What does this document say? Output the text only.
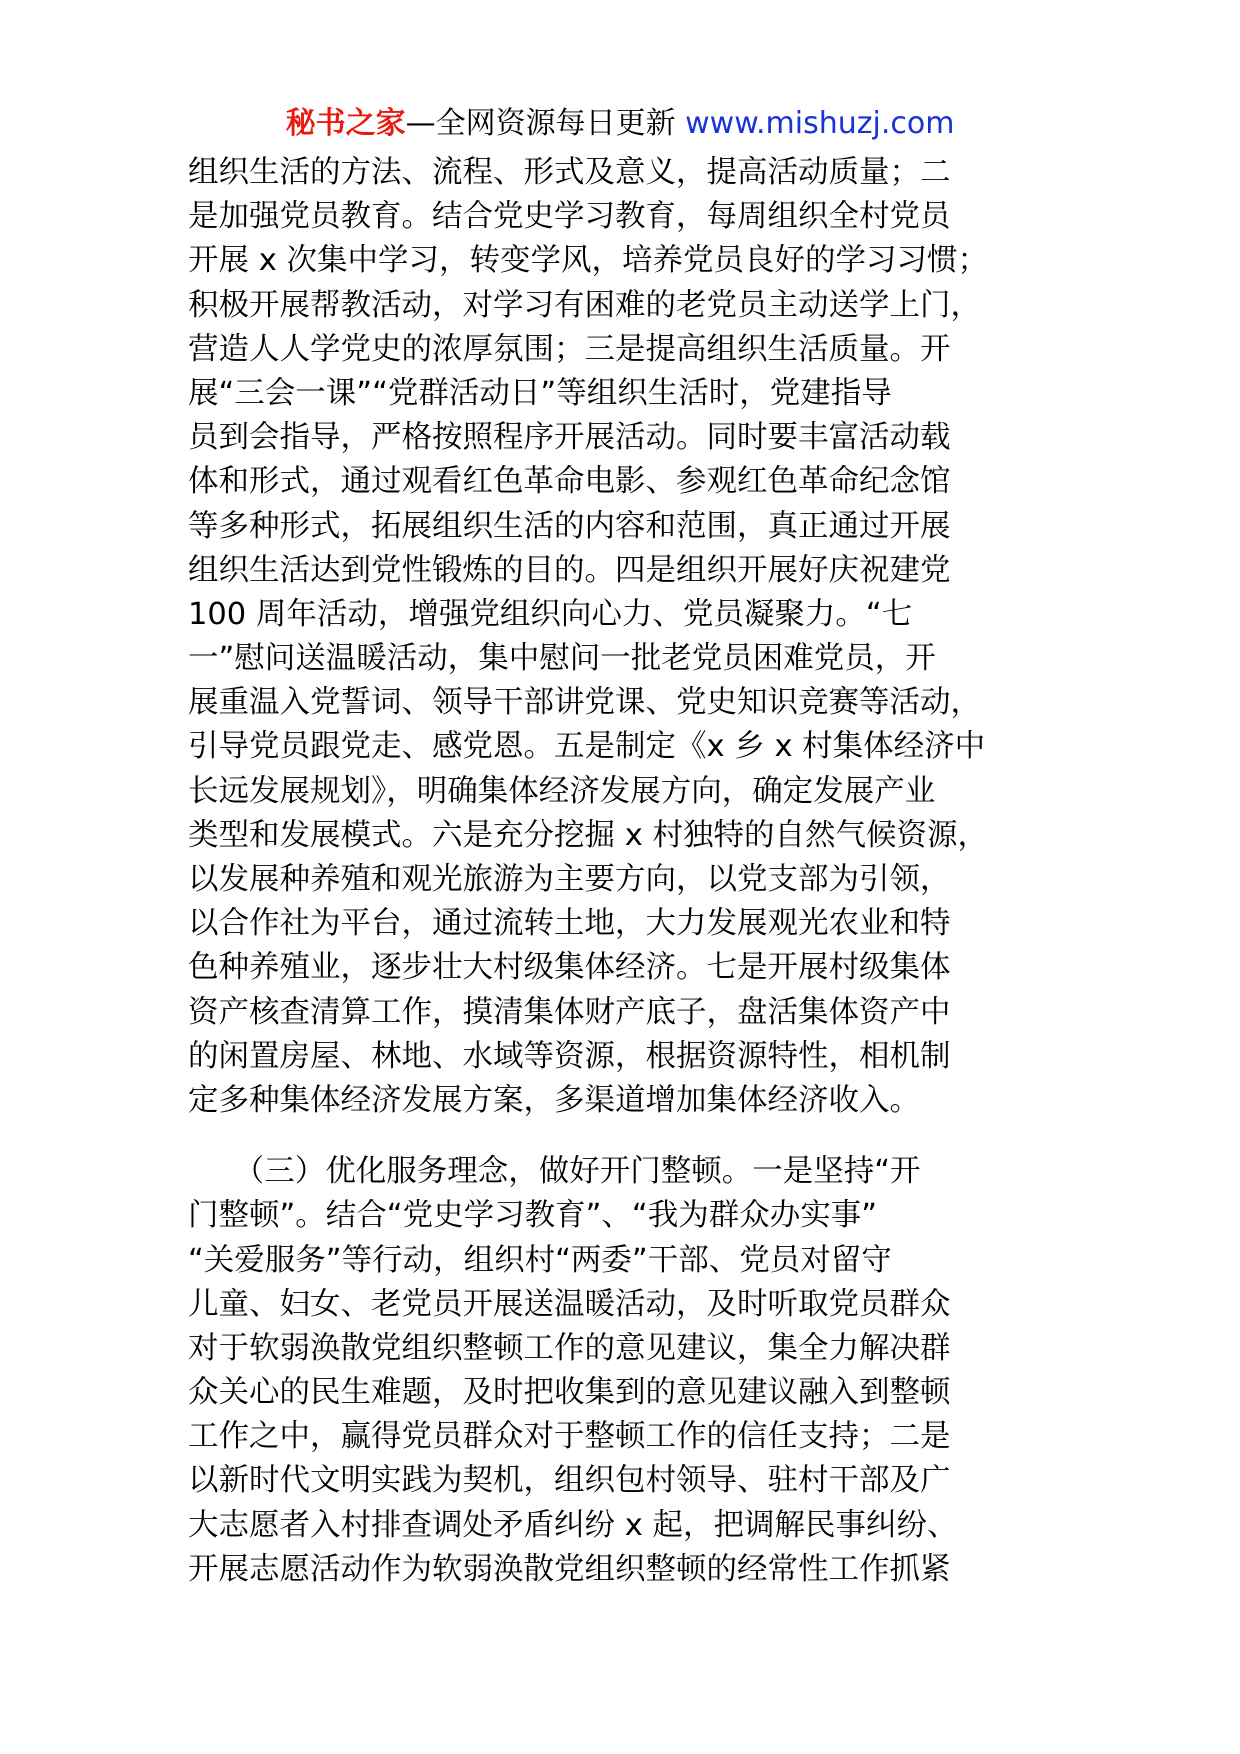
秘书之家—全网资源每日更新 www.mishuzj.com
组织生活的方法、流程、形式及意义，提高活动质量；二
是加强党员教育。结合党史学习教育，每周组织全村党员
开展 x 次集中学习，转变学风，培养党员良好的学习习惯；
积极开展帮教活动，对学习有困难的老党员主动送学上门，
营造人人学党史的浓厚氛围；三是提高组织生活质量。开
展“三会一课”“党群活动日”等组织生活时，党建指导
员到会指导，严格按照程序开展活动。同时要丰富活动载
体和形式，通过观看红色革命电影、参观红色革命纪念馆
等多种形式，拓展组织生活的内容和范围，真正通过开展
组织生活达到党性锻炼的目的。四是组织开展好庆祝建党
100 周年活动，增强党组织向心力、党员凝聚力。“七
一”慰问送温暖活动，集中慰问一批老党员困难党员，开
展重温入党誓词、领导干部讲党课、党史知识竞赛等活动，
引导党员跟党走、感党恩。五是制定《x 乡 x 村集体经济中
长远发展规划》，明确集体经济发展方向，确定发展产业
类型和发展模式。六是充分挖掘 x 村独特的自然气候资源，
以发展种养殖和观光旅游为主要方向，以党支部为引领，
以合作社为平台，通过流转土地，大力发展观光农业和特
色种养殖业，逐步壮大村级集体经济。七是开展村级集体
资产核查清算工作，摸清集体财产底子，盘活集体资产中
的闲置房屋、林地、水域等资源，根据资源特性，相机制
定多种集体经济发展方案，多渠道增加集体经济收入。
　　（三）优化服务理念，做好开门整顿。一是坚持“开
门整顿”。结合“党史学习教育”、“我为群众办实事”
“关爱服务”等行动，组织村“两委”干部、党员对留守
儿童、妇女、老党员开展送温暖活动，及时听取党员群众
对于软弱涣散党组织整顿工作的意见建议，集全力解决群
众关心的民生难题，及时把收集到的意见建议融入到整顿
工作之中，赢得党员群众对于整顿工作的信任支持；二是
以新时代文明实践为契机，组织包村领导、驻村干部及广
大志愿者入村排查调处矛盾纠纷 x 起，把调解民事纠纷、
开展志愿活动作为软弱涣散党组织整顿的经常性工作抓紧
